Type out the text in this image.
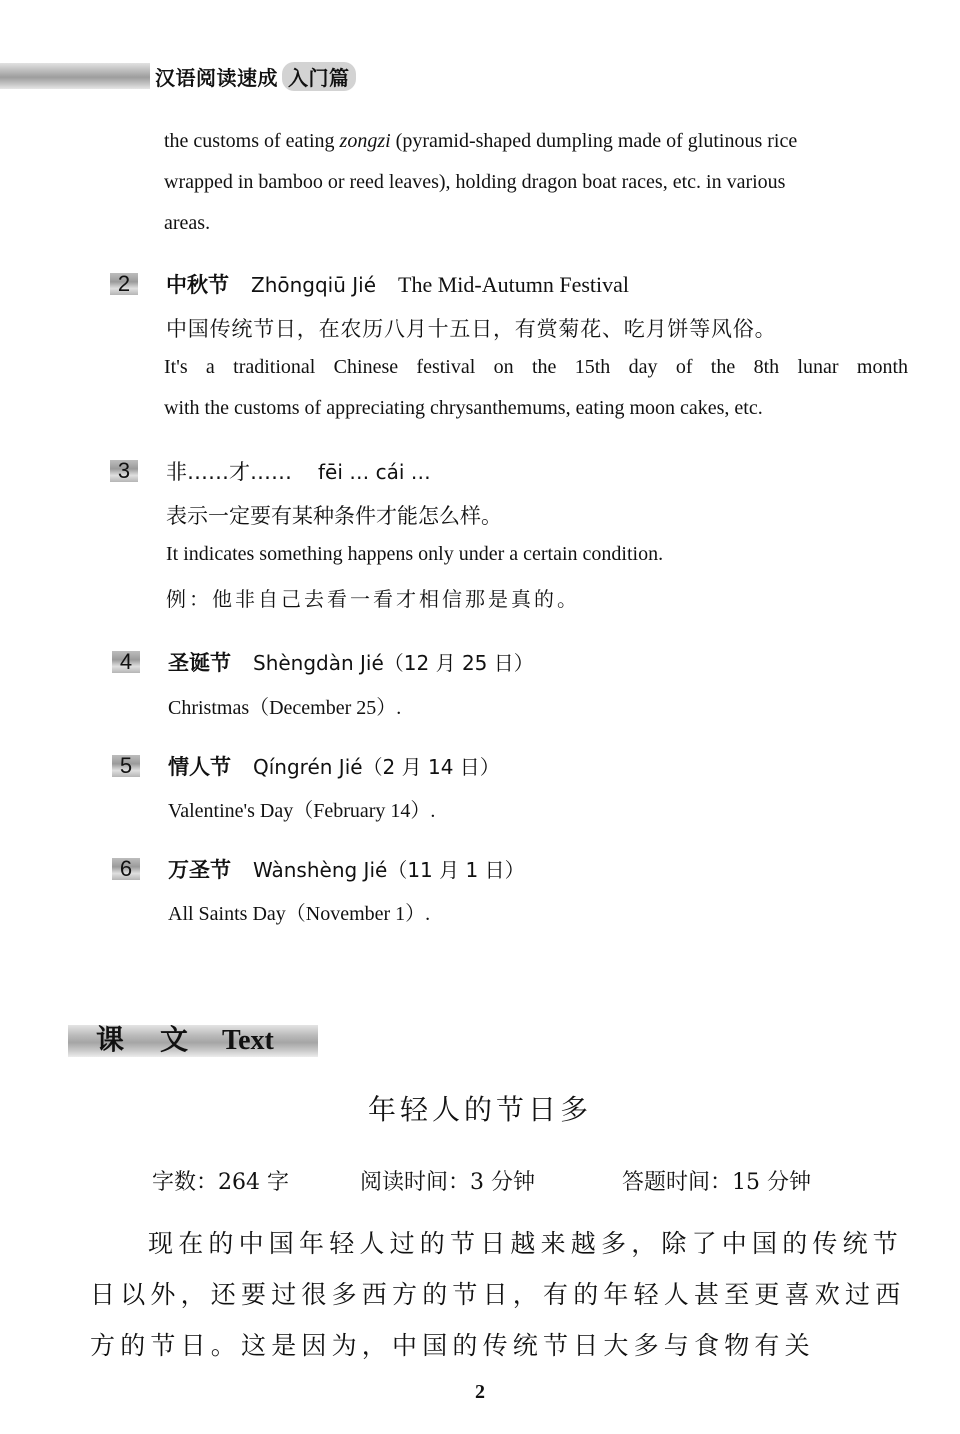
汉语阅读速成 入门篇
the customs of eating zongzi (pyramid-shaped dumpling made of glutinous rice
wrapped in bamboo or reed leaves), holding dragon boat races, etc. in various
areas.
2	中秋节 Zhōngqiū Jié The Mid-Autumn Festival
中国传统节日，在农历八月十五日，有赏菊花、吃月饼等风俗。
It's a traditional Chinese festival on the 15th day of the 8th lunar month
with the customs of appreciating chrysanthemums, eating moon cakes, etc.
3	非……才…… fēi … cái …
表示一定要有某种条件才能怎么样。
It indicates something happens only under a certain condition.
例：他非自己去看一看才相信那是真的。
4	圣诞节 Shèngdàn Jié（12 月 25 日）
Christmas（December 25）.
5	情人节 Qíngrén Jié（2 月 14 日）
Valentine's Day（February 14）.
6	万圣节 Wànshèng Jié（11 月 1 日）
All Saints Day（November 1）.
课 文 Text
年轻人的节日多
字数：264 字	阅读时间：3 分钟	答题时间：15 分钟
现在的中国年轻人过的节日越来越多，除了中国的传统节日以外，还要过很多西方的节日，有的年轻人甚至更喜欢过西方的节日。这是因为，中国的传统节日大多与食物有关
2
